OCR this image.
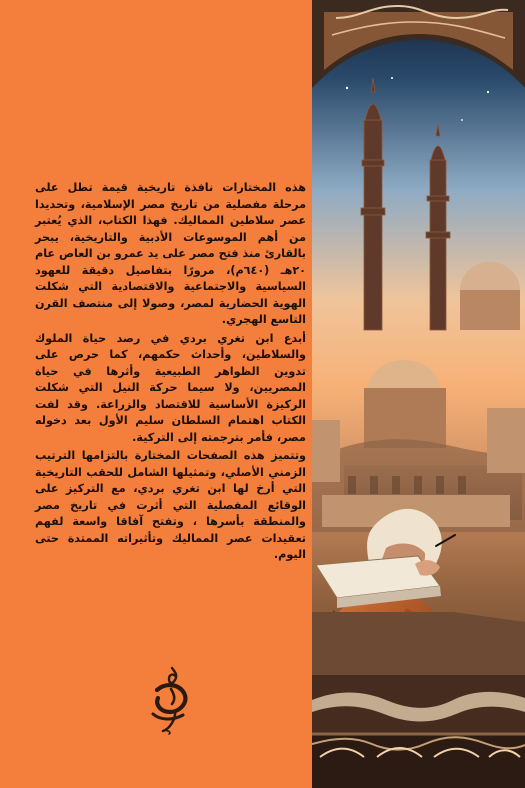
هذه المختارات نافذة تاريخية قيمة تطل على مرحلة مفصلية من تاريخ مصر الإسلامية، وتحديدا عصر سلاطين المماليك. فهذا الكتاب، الذي يُعتبر من أهم الموسوعات الأدبية والتاريخية، يبحر بالقارئ منذ فتح مصر على يد عمرو بن العاص عام ٢٠هـ (٦٤٠م)، مرورًا بتفاصيل دقيقة للعهود السياسية والاجتماعية والاقتصادية التي شكلت الهوية الحضارية لمصر، وصولا إلى منتصف القرن التاسع الهجري.

أبدع ابن تغري بردي في رصد حياة الملوك والسلاطين، وأحداث حكمهم، كما حرص على تدوين الظواهر الطبيعية وأثرها في حياة المصريين، ولا سيما حركة النيل التي شكلت الركيزة الأساسية للاقتصاد والزراعة. وقد لفت الكتاب اهتمام السلطان سليم الأول بعد دخوله مصر، فأمر بترجمته إلى التركية.

وتتميز هذه الصفحات المختارة بالتزامها الترتيب الزمني الأصلي، وتمثيلها الشامل للحقب التاريخية التي أرخ لها ابن تغري بردي، مع التركيز على الوقائع المفصلية التي أثرت في تاريخ مصر والمنطقة بأسرها ، وتفتح آفاقا واسعة لفهم تعقيدات عصر المماليك وتأثيراته الممتدة حتى اليوم.
